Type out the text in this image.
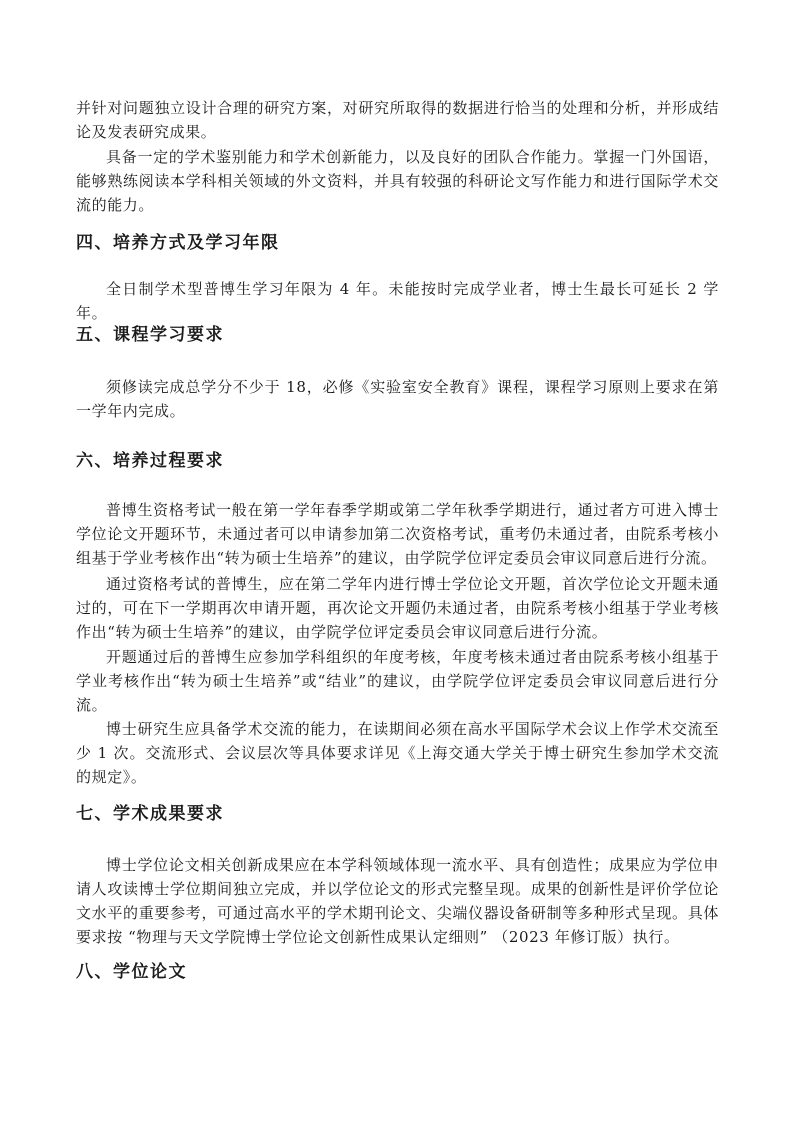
并针对问题独立设计合理的研究方案，对研究所取得的数据进行恰当的处理和分析，并形成结论及发表研究成果。
具备一定的学术鉴别能力和学术创新能力，以及良好的团队合作能力。掌握一门外国语，能够熟练阅读本学科相关领域的外文资料，并具有较强的科研论文写作能力和进行国际学术交流的能力。
四、培养方式及学习年限
全日制学术型普博生学习年限为 4 年。未能按时完成学业者，博士生最长可延长 2 学年。
五、课程学习要求
须修读完成总学分不少于 18，必修《实验室安全教育》课程，课程学习原则上要求在第一学年内完成。
六、培养过程要求
普博生资格考试一般在第一学年春季学期或第二学年秋季学期进行，通过者方可进入博士学位论文开题环节，未通过者可以申请参加第二次资格考试，重考仍未通过者，由院系考核小组基于学业考核作出“转为硕士生培养”的建议，由学院学位评定委员会审议同意后进行分流。
通过资格考试的普博生，应在第二学年内进行博士学位论文开题，首次学位论文开题未通过的，可在下一学期再次申请开题，再次论文开题仍未通过者，由院系考核小组基于学业考核作出“转为硕士生培养”的建议，由学院学位评定委员会审议同意后进行分流。
开题通过后的普博生应参加学科组织的年度考核，年度考核未通过者由院系考核小组基于学业考核作出“转为硕士生培养”或“结业”的建议，由学院学位评定委员会审议同意后进行分流。
博士研究生应具备学术交流的能力，在读期间必须在高水平国际学术会议上作学术交流至少 1 次。交流形式、会议层次等具体要求详见《上海交通大学关于博士研究生参加学术交流的规定》。
七、学术成果要求
博士学位论文相关创新成果应在本学科领域体现一流水平、具有创造性；成果应为学位申请人攻读博士学位期间独立完成，并以学位论文的形式完整呈现。成果的创新性是评价学位论文水平的重要参考，可通过高水平的学术期刊论文、尖端仪器设备研制等多种形式呈现。具体要求按 “物理与天文学院博士学位论文创新性成果认定细则” （2023 年修订版）执行。
八、学位论文
